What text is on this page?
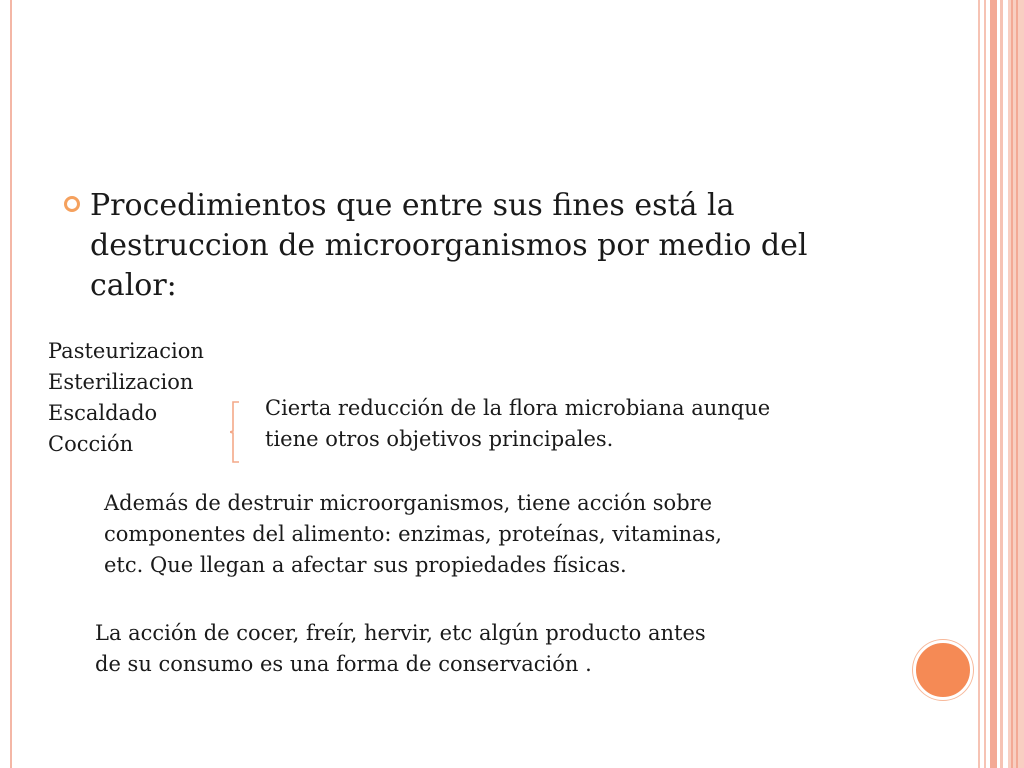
Procedimientos que entre sus fines está la destruccion de microorganismos por medio del calor:
Pasteurizacion
Esterilizacion
Escaldado
Cocción
Cierta reducción de la flora microbiana aunque
tiene otros objetivos principales.
Además de destruir microorganismos, tiene acción sobre
componentes del alimento: enzimas, proteínas, vitaminas,
etc. Que llegan a afectar sus propiedades físicas.
La acción de cocer, freír, hervir, etc algún producto antes
de su consumo es una forma de conservación .
